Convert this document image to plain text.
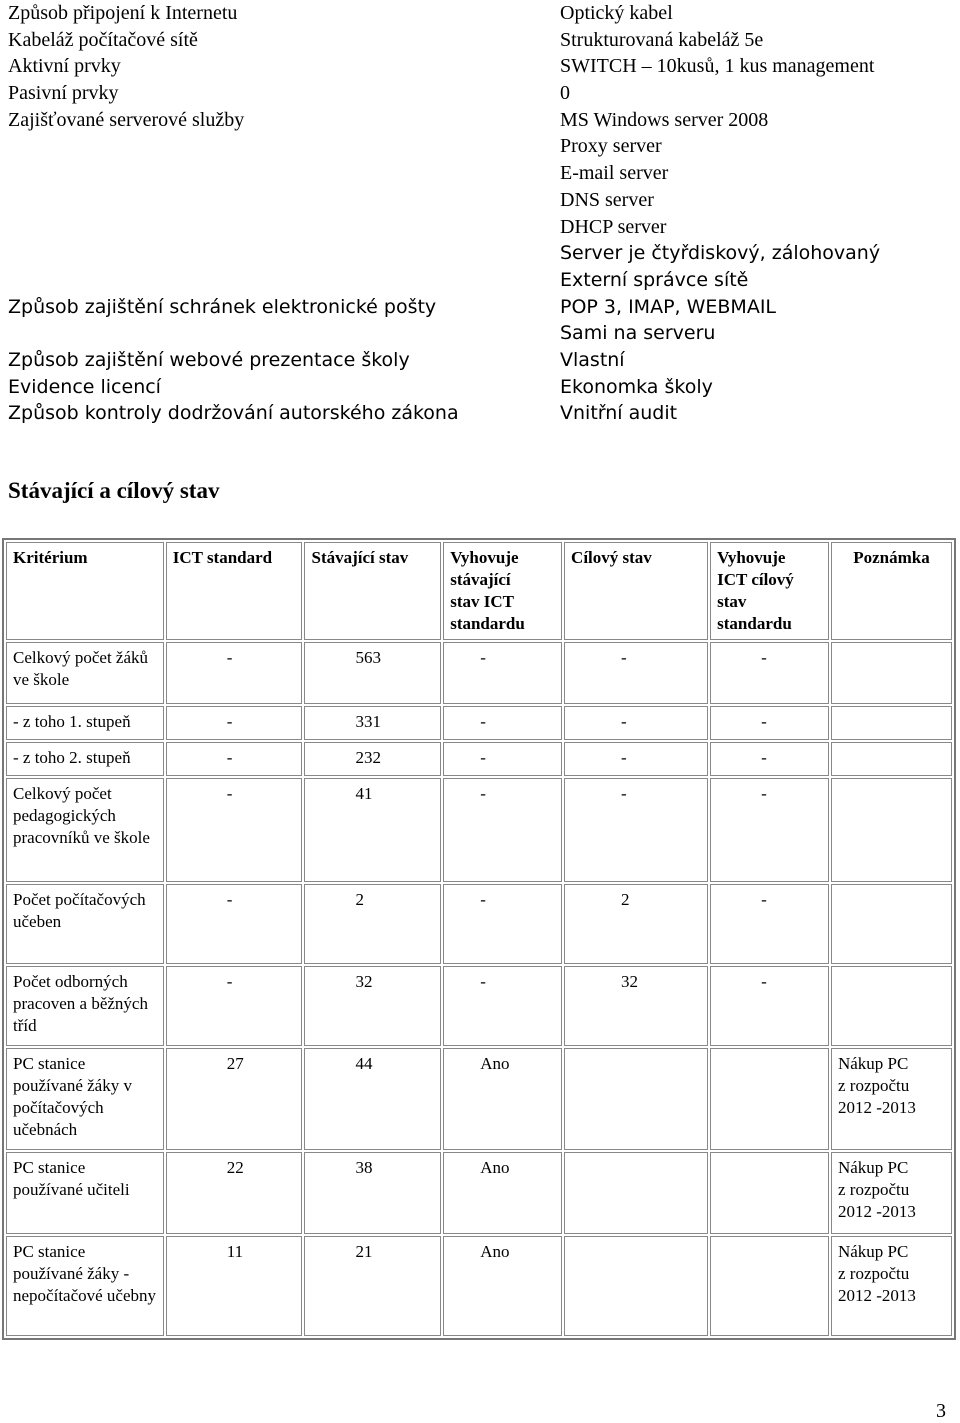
Způsob připojení k Internetu	Optický kabel
Kabeláž počítačové sítě	Strukturovaná kabeláž 5e
Aktivní prvky	SWITCH – 10kusů, 1 kus management
Pasivní prvky	0
Zajišťované serverové služby	MS Windows server 2008
Proxy server
E-mail server
DNS server
DHCP server
Server je čtyřdiskový, zálohovaný
Externí správce sítě
Způsob zajištění schránek elektronické pošty	POP 3, IMAP, WEBMAIL
Sami na serveru
Způsob zajištění webové prezentace školy	Vlastní
Evidence licencí	Ekonomka školy
Způsob kontroly dodržování autorského zákona	Vnitřní audit
Stávající a cílový stav
Kritérium	ICT standard	Stávající stav	Vyhovuje
stávající
stav ICT
standardu	Cílový stav	Vyhovuje
ICT cílový
stav
standardu	Poznámka
Celkový počet žáků ve škole	-	563	-	-	-	
- z toho 1. stupeň	-	331	-	-	-	
- z toho 2. stupeň	-	232	-	-	-	
Celkový počet pedagogických pracovníků ve škole	-	41	-	-	-	
Počet počítačových učeben	-	2	-	2	-	
Počet odborných pracoven a běžných tříd	-	32	-	32	-	
PC stanice používané žáky v počítačových učebnách	27	44	Ano			Nákup PC
z rozpočtu
2012 -2013
PC stanice používané učiteli	22	38	Ano			Nákup PC
z rozpočtu
2012 -2013
PC stanice používané žáky - nepočítačové učebny	11	21	Ano			Nákup PC
z rozpočtu
2012 -2013
3
